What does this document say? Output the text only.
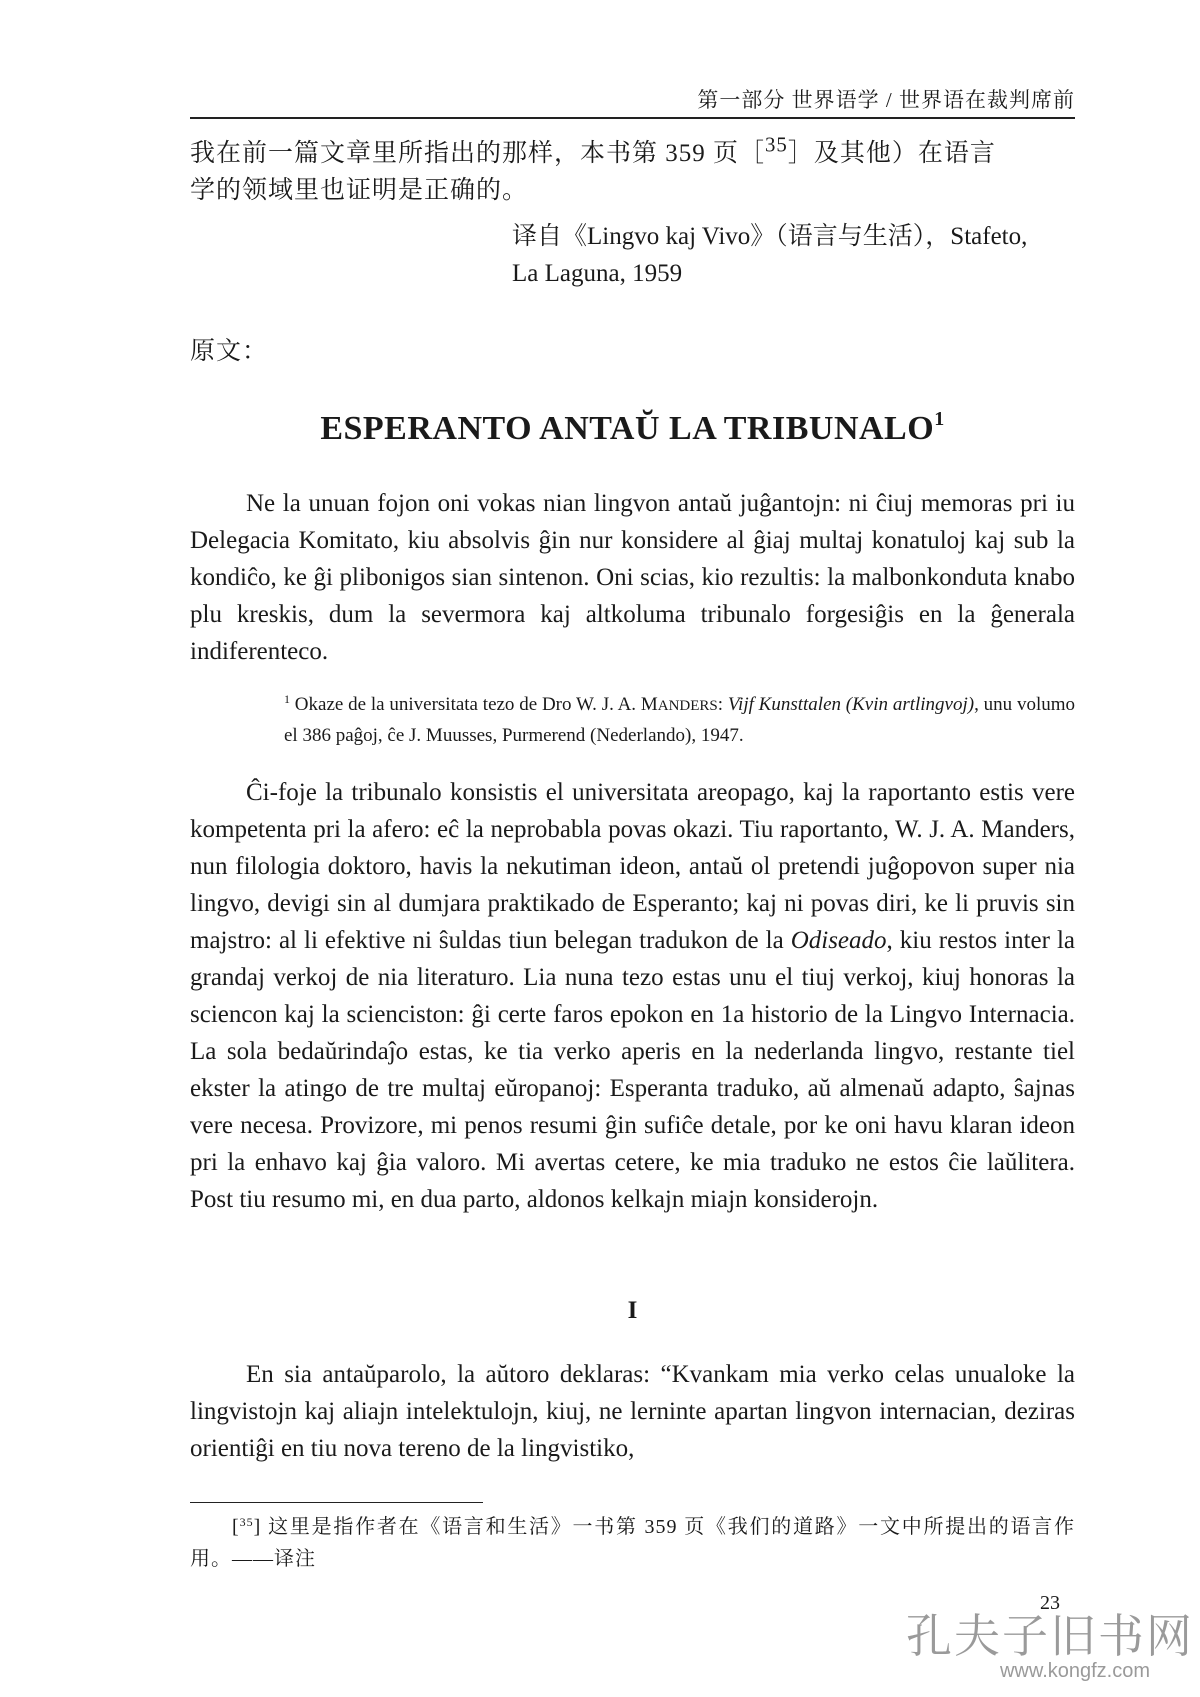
第一部分 世界语学 / 世界语在裁判席前
我在前一篇文章里所指出的那样，本书第 359 页［$^{35}$］及其他）在语言
学的领域里也证明是正确的。
译自《Lingvo kaj Vivo》（语言与生活），Stafeto,
La Laguna, 1959
原文：
ESPERANTO ANTAŬ LA TRIBUNALO$^1$
Ne la unuan fojon oni vokas nian lingvon antaŭ juĝantojn: ni ĉiuj memoras pri iu Delegacia Komitato, kiu absolvis ĝin nur konsidere al ĝiaj multaj konatuloj kaj sub la kondiĉo, ke ĝi plibonigos sian sintenon. Oni scias, kio rezultis: la malbonkonduta knabo plu kreskis, dum la severmora kaj altkoluma tribunalo forgesiĝis en la ĝenerala indiferenteco.
$^1$ Okaze de la universitata tezo de Dro W. J. A. MANDERS: Vijf Kunsttalen (Kvin artlingvoj), unu volumo el 386 paĝoj, ĉe J. Muusses, Purmerend (Nederlando), 1947.
Ĉi-foje la tribunalo konsistis el universitata areopago, kaj la raportanto estis vere kompetenta pri la afero: eĉ la neprobabla povas okazi. Tiu raportanto, W. J. A. Manders, nun filologia doktoro, havis la nekutiman ideon, antaŭ ol pretendi juĝopovon super nia lingvo, devigi sin al dumjara praktikado de Esperanto; kaj ni povas diri, ke li pruvis sin majstro: al li efektive ni ŝuldas tiun belegan tradukon de la Odiseado, kiu restos inter la grandaj verkoj de nia literaturo. Lia nuna tezo estas unu el tiuj verkoj, kiuj honoras la sciencon kaj la scienciston: ĝi certe faros epokon en 1a historio de la Lingvo Internacia. La sola bedaŭrindaĵo estas, ke tia verko aperis en la nederlanda lingvo, restante tiel ekster la atingo de tre multaj eŭropanoj: Esperanta traduko, aŭ almenaŭ adapto, ŝajnas vere necesa. Provizore, mi penos resumi ĝin sufiĉe detale, por ke oni havu klaran ideon pri la enhavo kaj ĝia valoro. Mi avertas cetere, ke mia traduko ne estos ĉie laŭlitera. Post tiu resumo mi, en dua parto, aldonos kelkajn miajn konsiderojn.
I
En sia antaŭparolo, la aŭtoro deklaras: “Kvankam mia verko celas unualoke la lingvistojn kaj aliajn intelektulojn, kiuj, ne lerninte apartan lingvon internacian, deziras orientiĝi en tiu nova tereno de la lingvistiko,
[$^{35}$] 这里是指作者在《语言和生活》一书第 359 页《我们的道路》一文中所提出的语言作用。——译注
23
孔夫子旧书网
www.kongfz.com
